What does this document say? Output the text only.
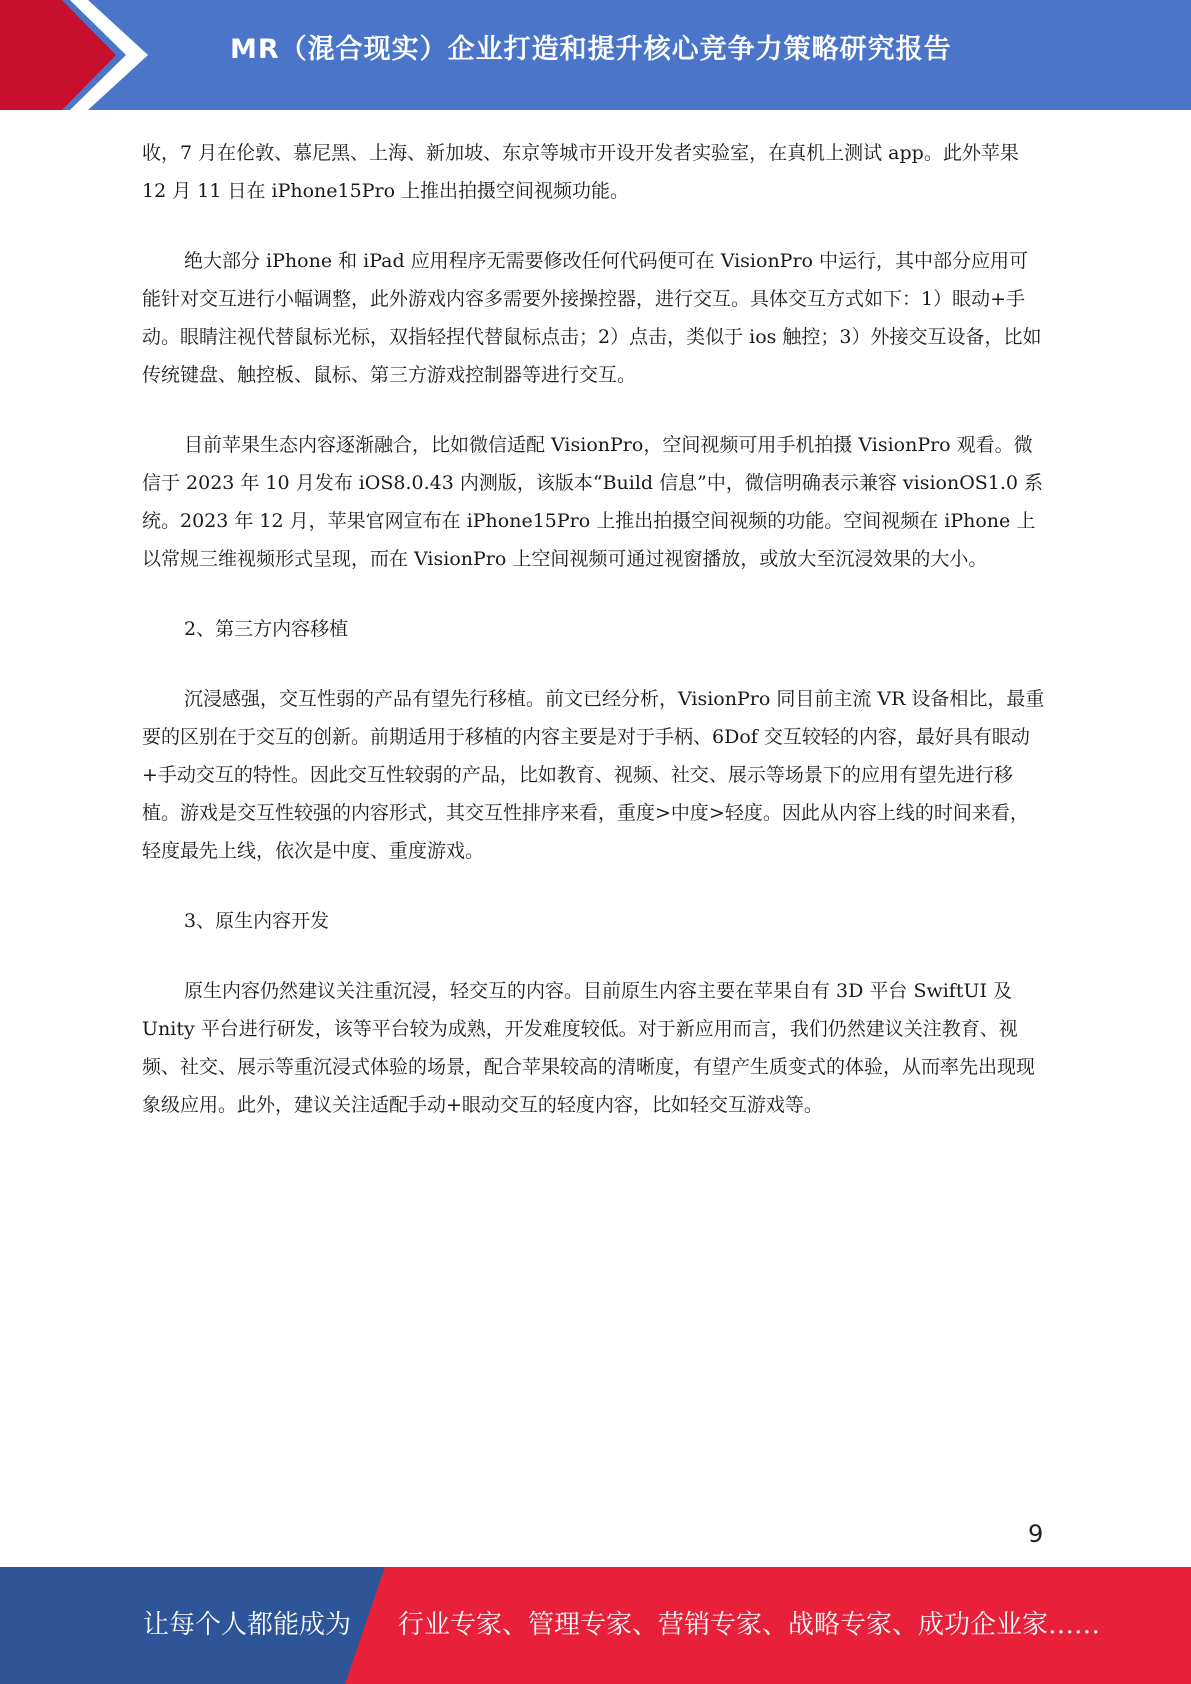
MR（混合现实）企业打造和提升核心竞争力策略研究报告

收，7 月在伦敦、慕尼黑、上海、新加坡、东京等城市开设开发者实验室，在真机上测试 app。此外苹果 12 月 11 日在 iPhone15Pro 上推出拍摄空间视频功能。

绝大部分 iPhone 和 iPad 应用程序无需要修改任何代码便可在 VisionPro 中运行，其中部分应用可能针对交互进行小幅调整，此外游戏内容多需要外接操控器，进行交互。具体交互方式如下：1）眼动+手动。眼睛注视代替鼠标光标，双指轻捏代替鼠标点击；2）点击，类似于 ios 触控；3）外接交互设备，比如传统键盘、触控板、鼠标、第三方游戏控制器等进行交互。

目前苹果生态内容逐渐融合，比如微信适配 VisionPro，空间视频可用手机拍摄 VisionPro 观看。微信于 2023 年 10 月发布 iOS8.0.43 内测版，该版本“Build 信息”中，微信明确表示兼容 visionOS1.0 系统。2023 年 12 月，苹果官网宣布在 iPhone15Pro 上推出拍摄空间视频的功能。空间视频在 iPhone 上以常规三维视频形式呈现，而在 VisionPro 上空间视频可通过视窗播放，或放大至沉浸效果的大小。

2、第三方内容移植

沉浸感强，交互性弱的产品有望先行移植。前文已经分析，VisionPro 同目前主流 VR 设备相比，最重要的区别在于交互的创新。前期适用于移植的内容主要是对于手柄、6Dof 交互较轻的内容，最好具有眼动+手动交互的特性。因此交互性较弱的产品，比如教育、视频、社交、展示等场景下的应用有望先进行移植。游戏是交互性较强的内容形式，其交互性排序来看，重度>中度>轻度。因此从内容上线的时间来看，轻度最先上线，依次是中度、重度游戏。

3、原生内容开发

原生内容仍然建议关注重沉浸，轻交互的内容。目前原生内容主要在苹果自有 3D 平台 SwiftUI 及 Unity 平台进行研发，该等平台较为成熟，开发难度较低。对于新应用而言，我们仍然建议关注教育、视频、社交、展示等重沉浸式体验的场景，配合苹果较高的清晰度，有望产生质变式的体验，从而率先出现现象级应用。此外，建议关注适配手动+眼动交互的轻度内容，比如轻交互游戏等。

9
让每个人都能成为 行业专家、管理专家、营销专家、战略专家、成功企业家……
